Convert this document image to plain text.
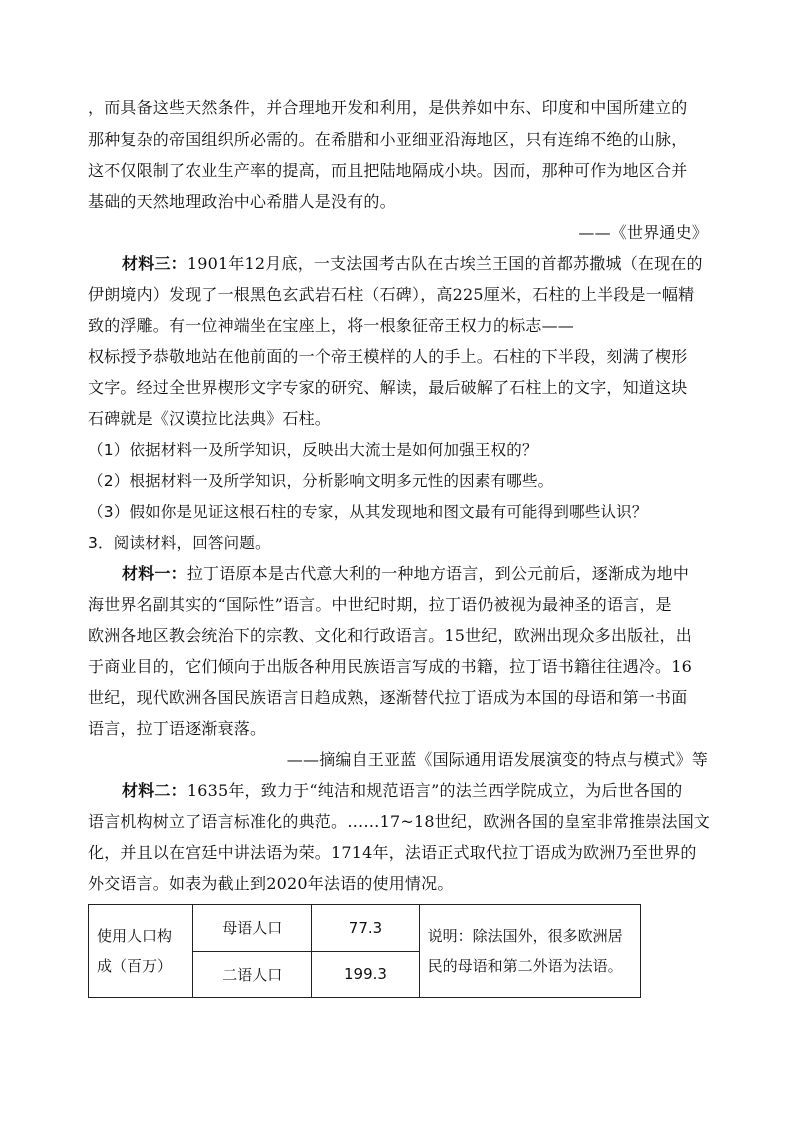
，而具备这些天然条件，并合理地开发和利用，是供养如中东、印度和中国所建立的
那种复杂的帝国组织所必需的。在希腊和小亚细亚沿海地区，只有连绵不绝的山脉，
这不仅限制了农业生产率的提高，而且把陆地隔成小块。因而，那种可作为地区合并
基础的天然地理政治中心希腊人是没有的。
——《世界通史》
材料三：1901年12月底，一支法国考古队在古埃兰王国的首都苏撒城（在现在的
伊朗境内）发现了一根黑色玄武岩石柱（石碑），高225厘米，石柱的上半段是一幅精
致的浮雕。有一位神端坐在宝座上，将一根象征帝王权力的标志——
权标授予恭敬地站在他前面的一个帝王模样的人的手上。石柱的下半段，刻满了楔形
文字。经过全世界楔形文字专家的研究、解读，最后破解了石柱上的文字，知道这块
石碑就是《汉谟拉比法典》石柱。
（1）依据材料一及所学知识，反映出大流士是如何加强王权的？
（2）根据材料一及所学知识，分析影响文明多元性的因素有哪些。
（3）假如你是见证这根石柱的专家，从其发现地和图文最有可能得到哪些认识？
3．阅读材料，回答问题。
材料一：拉丁语原本是古代意大利的一种地方语言，到公元前后，逐渐成为地中
海世界名副其实的“国际性”语言。中世纪时期，拉丁语仍被视为最神圣的语言，是
欧洲各地区教会统治下的宗教、文化和行政语言。15世纪，欧洲出现众多出版社，出
于商业目的，它们倾向于出版各种用民族语言写成的书籍，拉丁语书籍往往遇冷。16
世纪，现代欧洲各国民族语言日趋成熟，逐渐替代拉丁语成为本国的母语和第一书面
语言，拉丁语逐渐衰落。
——摘编自王亚蓝《国际通用语发展演变的特点与模式》等
材料二：1635年，致力于“纯洁和规范语言”的法兰西学院成立，为后世各国的
语言机构树立了语言标准化的典范。……17~18世纪，欧洲各国的皇室非常推崇法国文
化，并且以在宫廷中讲法语为荣。1714年，法语正式取代拉丁语成为欧洲乃至世界的
外交语言。如表为截止到2020年法语的使用情况。
使用人口构成（百万）	母语人口	77.3	说明：除法国外，很多欧洲居民的母语和第二外语为法语。
	二语人口	199.3	
